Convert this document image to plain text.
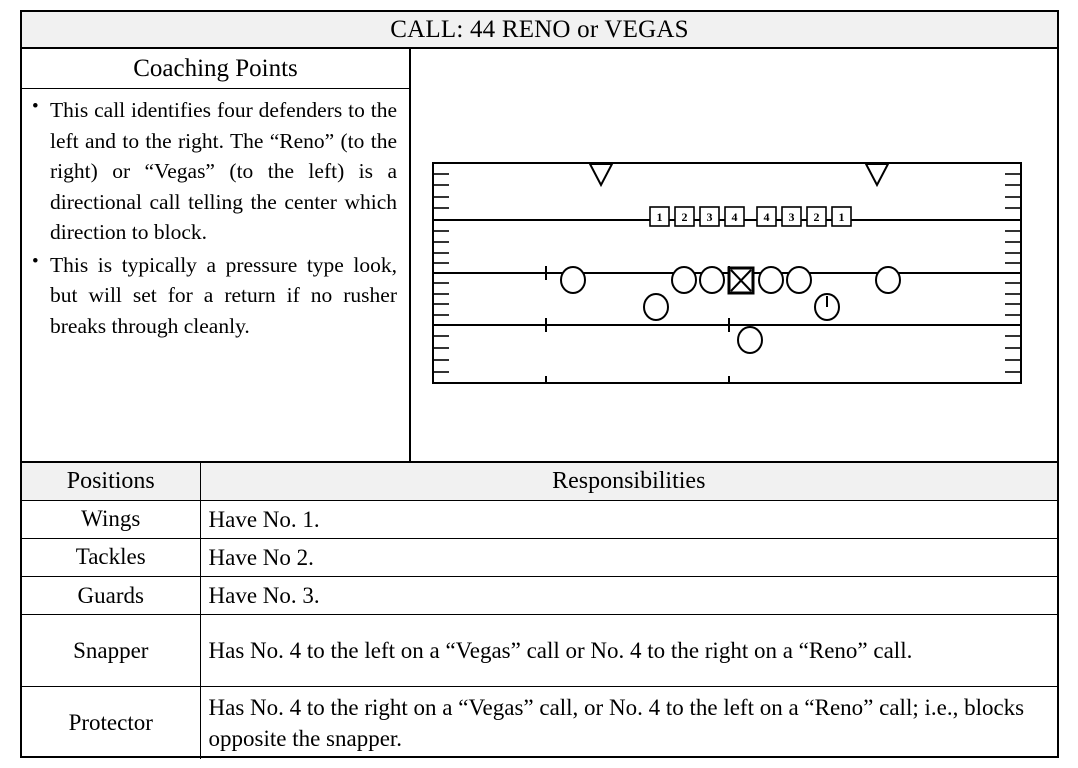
CALL: 44 RENO or VEGAS
Coaching Points
• This call identifies four defenders to the left and to the right. The “Reno” (to the right) or “Vegas” (to the left) is a directional call telling the center which direction to block.
• This is typically a pressure type look, but will set for a return if no rusher breaks through cleanly.
1 2 3 4 4 3 2 1
Positions	Responsibilities
Wings	Have No. 1.
Tackles	Have No 2.
Guards	Have No. 3.
Snapper	Has No. 4 to the left on a “Vegas” call or No. 4 to the right on a “Reno” call.
Protector	Has No. 4 to the right on a “Vegas” call, or No. 4 to the left on a “Reno” call; i.e., blocks opposite the snapper.
